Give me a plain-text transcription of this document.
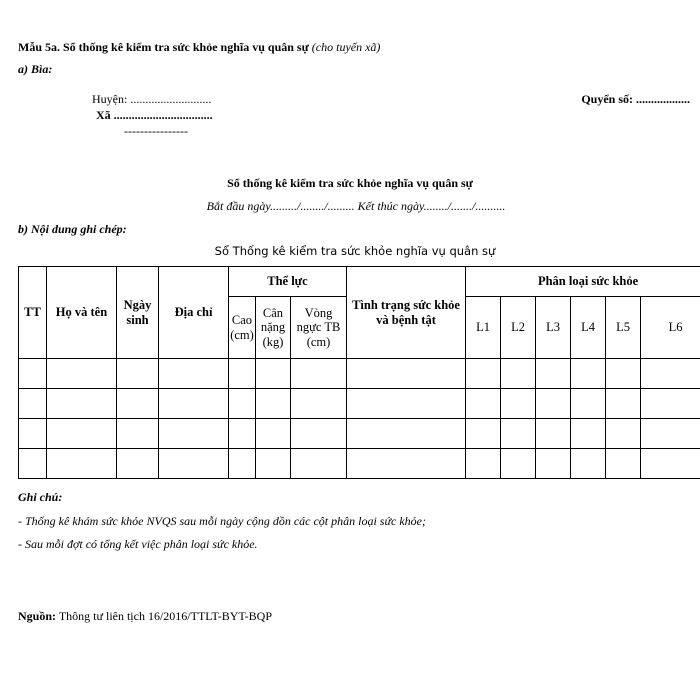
Mẫu 5a. Sổ thống kê kiểm tra sức khỏe nghĩa vụ quân sự (cho tuyến xã)
a) Bìa:
Huyện: ...........................
Xã .................................
----------------
Quyển số: ..................
Sổ thống kê kiểm tra sức khỏe nghĩa vụ quân sự
Bắt đầu ngày........./......../......... Kết thúc ngày......../......./..........
b) Nội dung ghi chép:
Sổ Thống kê kiểm tra sức khỏe nghĩa vụ quân sự
TT	Họ và tên	Ngày sinh	Địa chỉ	Thể lực			Tình trạng sức khỏe và bệnh tật	Phân loại sức khỏe					
				Cao (cm)	Cân nặng (kg)	Vòng ngực TB (cm)		L1	L2	L3	L4	L5	L6

Ghi chú:
- Thống kê khám sức khỏe NVQS sau mỗi ngày cộng dồn các cột phân loại sức khỏe;
- Sau mỗi đợt có tổng kết việc phân loại sức khỏe.
Nguồn: Thông tư liên tịch 16/2016/TTLT-BYT-BQP
